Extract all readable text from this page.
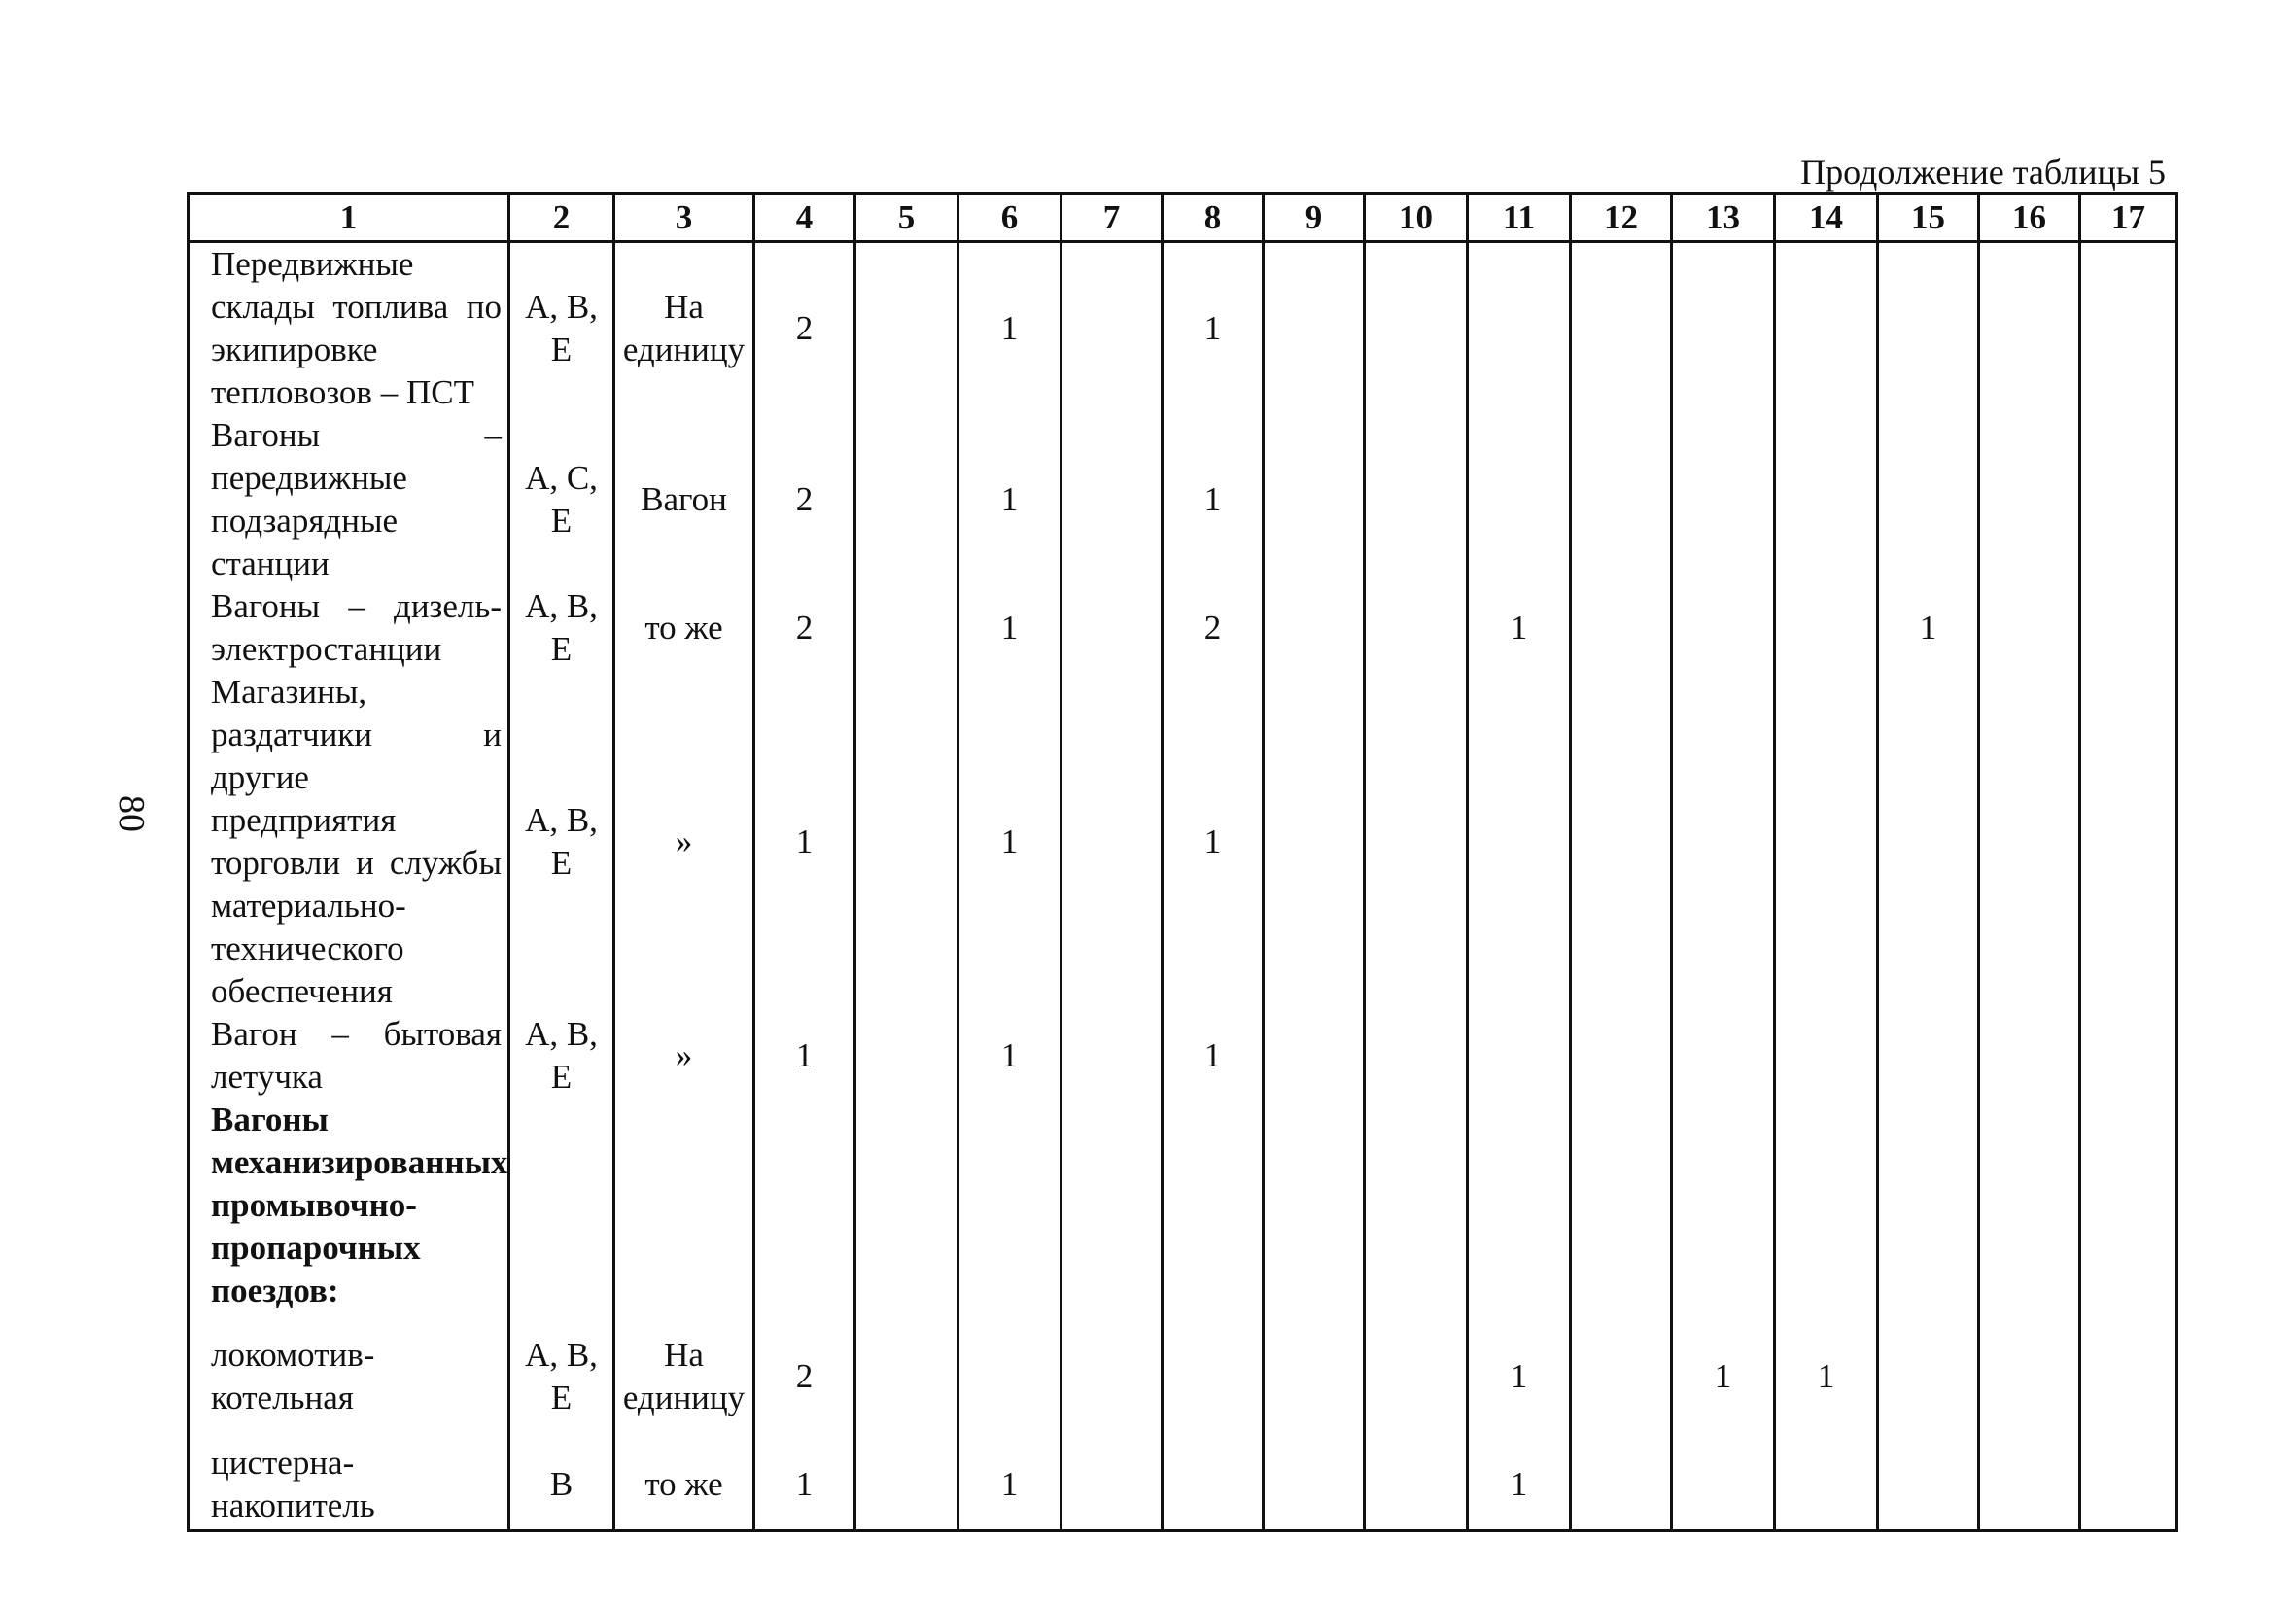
80
Продолжение таблицы 5
1	2	3	4	5	6	7	8	9	10	11	12	13	14	15	16	17
Передвижные склады топлива по экипировке тепловозов – ПСТ	А, В, Е	На единицу	2		1		1									
Вагоны – передвижные подзарядные станции	А, С, Е	Вагон	2		1		1									
Вагоны – дизель-электростанции	А, В, Е	то же	2		1		2			1				1		
Магазины, раздатчики и другие предприятия торговли и службы материально-технического обеспечения	А, В, Е	»	1		1		1									
Вагон – бытовая летучка	А, В, Е	»	1		1		1									
Вагоны механизированных промывочно-пропарочных поездов:																
локомотив-котельная	А, В, Е	На единицу	2							1		1	1			
цистерна-накопитель	В	то же	1		1					1						
